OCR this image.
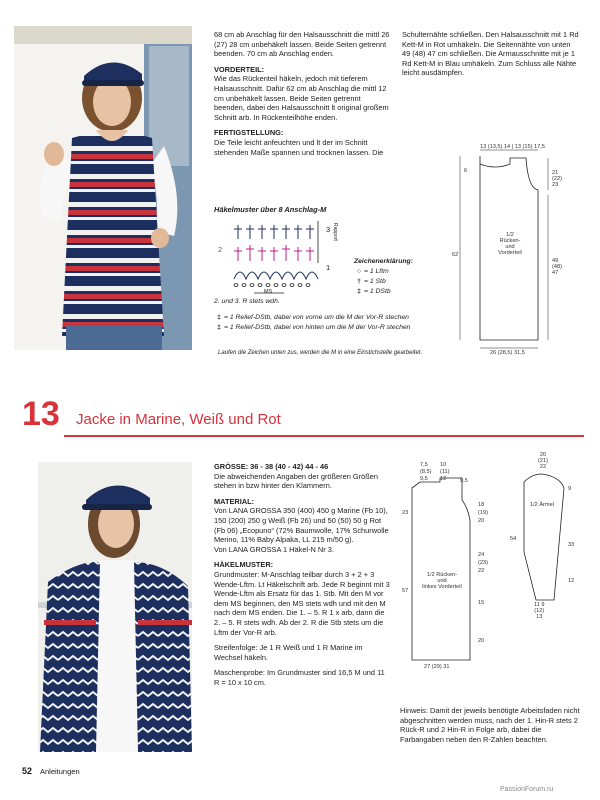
68 cm ab Anschlag für den Halsausschnitt die mittl 26 (27) 28 cm unbehäkelt lassen. Beide Seiten getrennt beenden. 70 cm ab Anschlag enden.

VORDERTEIL:
Wie das Rückenteil häkeln, jedoch mit tieferem Halsausschnitt. Dafür 62 cm ab Anschlag die mittl 12 cm unbehäkelt lassen. Beide Seiten getrennt beenden, dabei den Halsausschnitt lt original großem Schnitt arb. In Rückenteilhöhe enden.

FERTIGSTELLUNG:
Die Teile leicht anfeuchten und lt der im Schnitt stehenden Maße spannen und trocknen lassen. Die

Schulternähte schließen. Den Halsausschnitt mit 1 Rd Kett-M in Rot umhäkeln. Die Seitennähte von unten 49 (48) 47 cm schließen. Die Armausschnitte mit je 1 Rd Kett-M in Blau umhäkeln. Zum Schluss alle Nähte leicht ausdämpfen.

Häkelmuster über 8 Anschlag-M
3
2
1
MS
Rapport
2. und 3. R stets wdh.
Zeichenerklärung:
○ = 1 Lftm
† = 1 Stb
‡ = 1 DStb
‡ = 1 Relief-DStb, dabei von vorne um die M der Vor-R stechen
‡ = 1 Relief-DStb, dabei von hinten um die M der Vor-R stechen
Laufen die Zeichen unten zus, werden die M in eine Einstichstelle gearbeitet.
13 (13,5) 14 | 13 (15) 17,5
6	21
(22)
23
49
(48)
47
62
26 (28,5) 31,5
1/2
Rücken-
und
Vorderteil
13 Jacke in Marine, Weiß und Rot

GRÖSSE: 36 - 38 (40 - 42) 44 - 46
Die abweichenden Angaben der größeren Größen stehen in bzw hinter den Klammern.

MATERIAL:
Von LANA GROSSA 350 (400) 450 g Marine (Fb 10), 150 (200) 250 g Weiß (Fb 26) und 50 (50) 50 g Rot (Fb 06) „Ecopuno“ (72% Baumwolle, 17% Schurwolle Merino, 11% Baby Alpaka, LL 215 m/50 g).
Von LANA GROSSA 1 Häkel-N Nr 3.

HÄKELMUSTER:
Grundmuster: M-Anschlag teilbar durch 3 + 2 + 3 Wende-Lftm. Lt Häkelschrift arb. Jede R beginnt mit 3 Wende-Lftm als Ersatz für das 1. Stb. Mit den M vor dem MS beginnen, den MS stets wdh und mit den M nach dem MS enden. Die 1. – 5. R 1 x arb, dann die 2. – 5. R stets wdh. Ab der 2. R die Stb stets um die Lftm der Vor-R arb.

Streifenfolge: Je 1 R Weiß und 1 R Marine im Wechsel häkeln.

Maschenprobe: Im Grundmuster sind 16,5 M und 11 R = 10 x 10 cm.

7,5 10
(8,5) (11)
9,5 12 9,5
23
57
18
(19)
20
24
(23)
22
15
20
27 (29) 31
1/2 Rücken-
und
linkes Vorderteil
20
(21)
22
9
33
12
54
11 9
(12)
13
1/2 Ärmel

Hinweis: Damit der jeweils benötigte Arbeitsfaden nicht abgeschnitten werden muss, nach der 1. Hin-R stets 2 Rück-R und 2 Hin-R in Folge arb, dabei die Farbangaben neben den R-Zahlen beachten.

52 Anleitungen
PassionForum.ru
